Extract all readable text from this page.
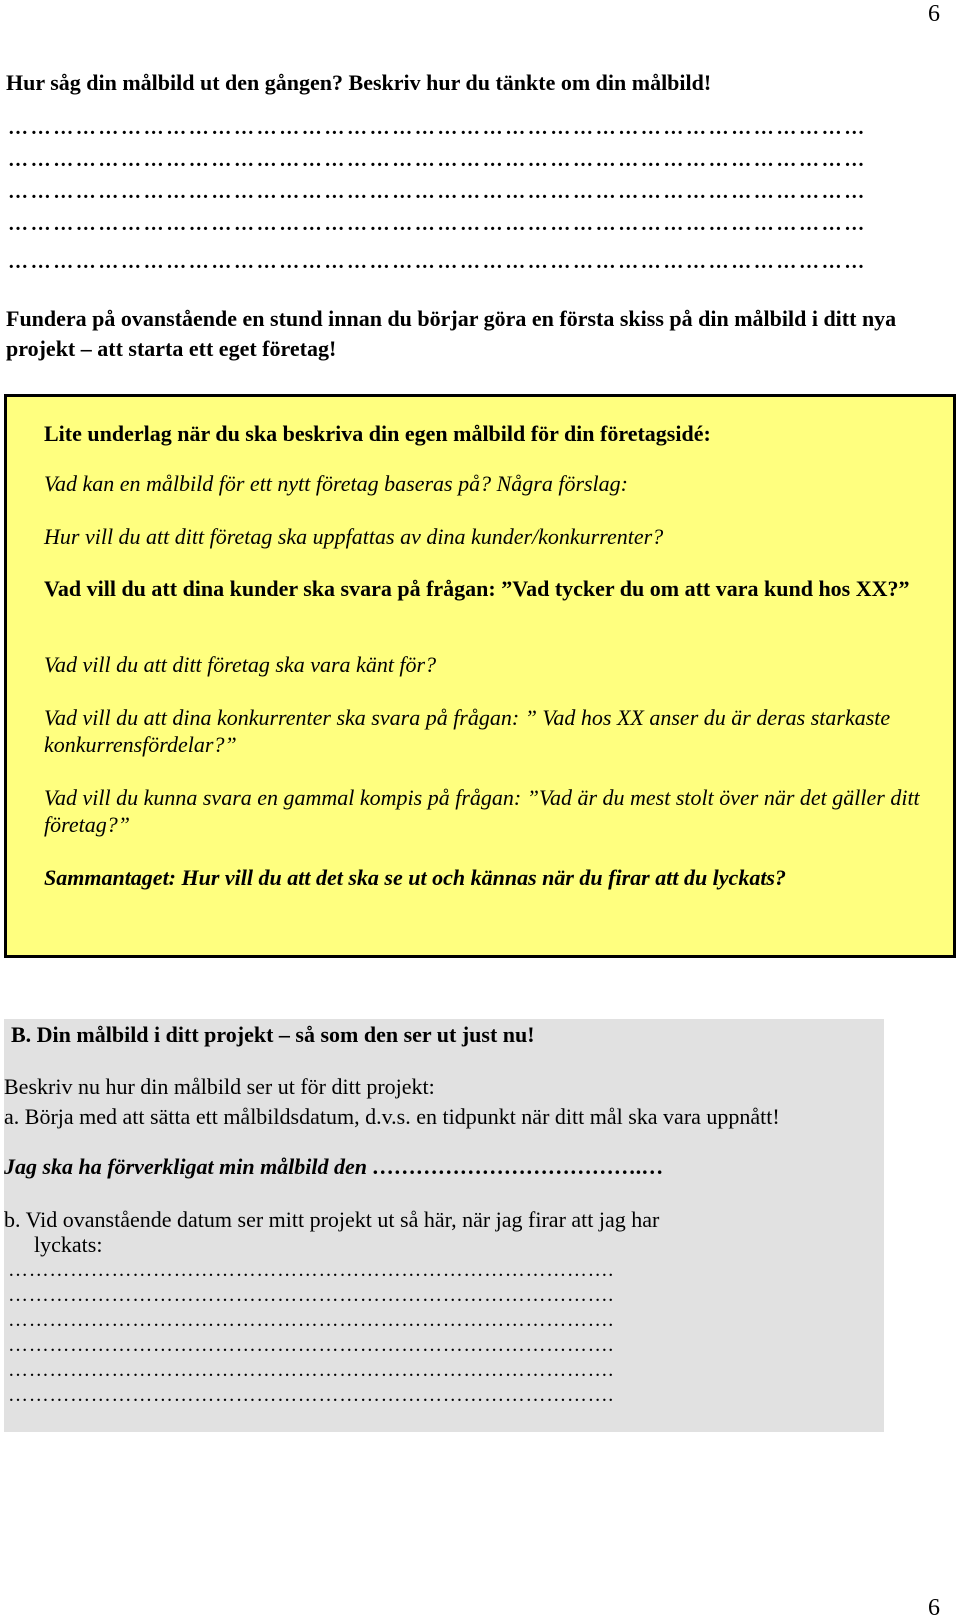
6
Hur såg din målbild ut den gången? Beskriv hur du tänkte om din målbild!
……………………………………………………………………………………………………
……………………………………………………………………………………………………
……………………………………………………………………………………………………
……………………………………………………………………………………………………
……………………………………………………………………………………………………

Fundera på ovanstående en stund innan du börjar göra en första skiss på din målbild i ditt nya projekt – att starta ett eget företag!

Lite underlag när du ska beskriva din egen målbild för din företagsidé:

Vad kan en målbild för ett nytt företag baseras på? Några förslag:

Hur vill du att ditt företag ska uppfattas av dina kunder/konkurrenter?

Vad vill du att dina kunder ska svara på frågan: ”Vad tycker du om att vara kund hos XX?”

Vad vill du att ditt företag ska vara känt för?

Vad vill du att dina konkurrenter ska svara på frågan: ” Vad hos XX anser du är deras starkaste konkurrensfördelar?”

Vad vill du kunna svara en gammal kompis på frågan: ”Vad är du mest stolt över när det gäller ditt företag?”

Sammantaget: Hur vill du att det ska se ut och kännas när du firar att du lyckats?

B. Din målbild i ditt projekt – så som den ser ut just nu!

Beskriv nu hur din målbild ser ut för ditt projekt:

a. Börja med att sätta ett målbildsdatum, d.v.s. en tidpunkt när ditt mål ska vara uppnått!

Jag ska ha förverkligat min målbild den ……………………………….…

b. Vid ovanstående datum ser mitt projekt ut så här, när jag firar att jag har

lyckats:

…………………………………………………………………………….
…………………………………………………………………………….
…………………………………………………………………………….
…………………………………………………………………………….
…………………………………………………………………………….
…………………………………………………………………………….
6
